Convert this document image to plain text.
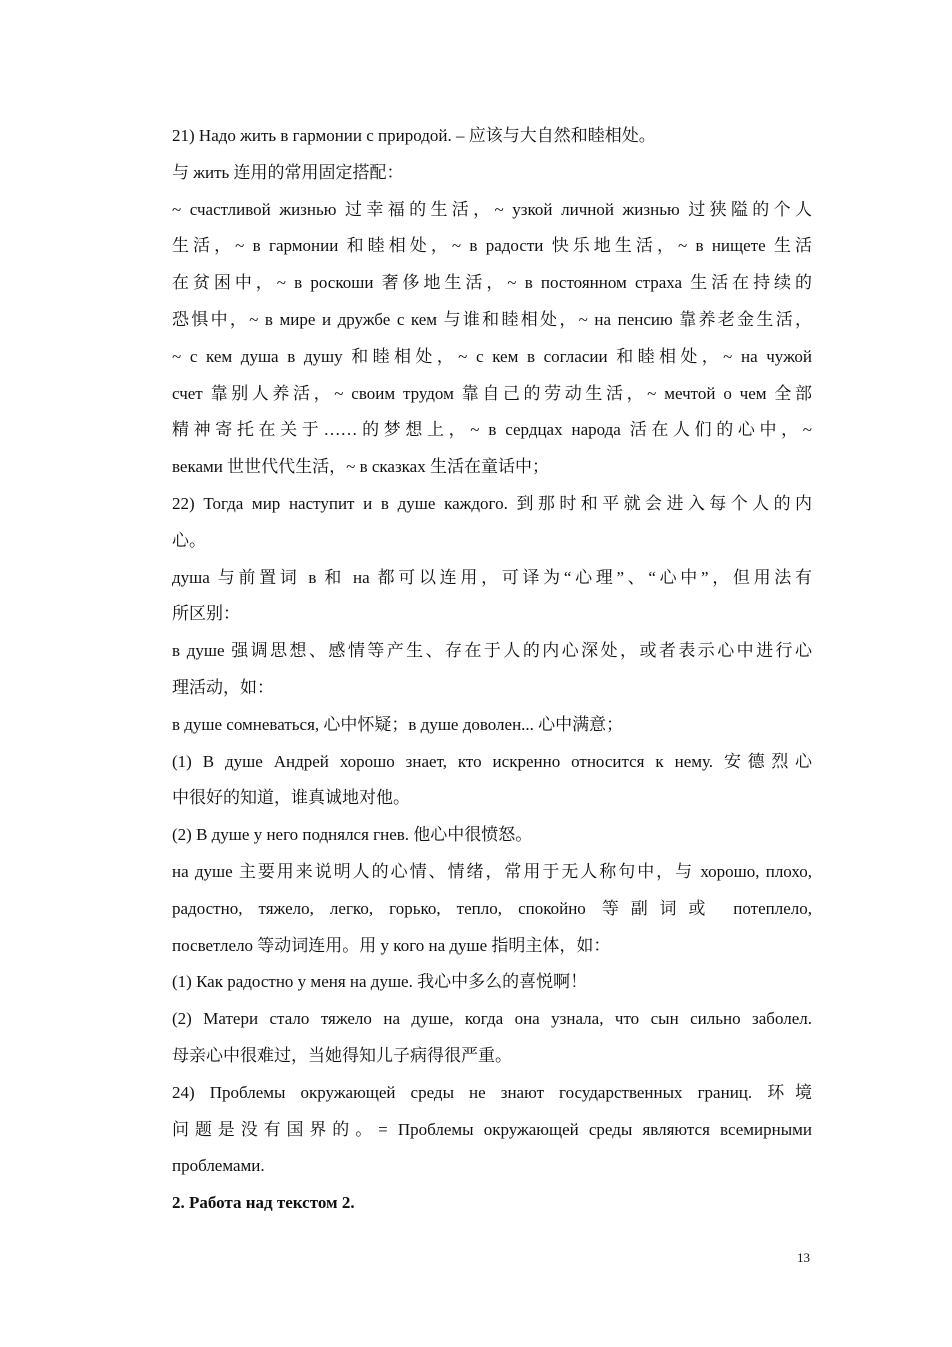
21) Надо жить в гармонии с природой. – 应该与大自然和睦相处。
与 жить 连用的常用固定搭配：
~ счастливой жизнью 过幸福的生活，~ узкой личной жизнью 过狭隘的个人
生活，~ в гармонии 和睦相处，~ в радости 快乐地生活，~ в нищете 生活
在贫困中，~ в роскоши 奢侈地生活，~ в постоянном страха 生活在持续的
恐惧中，~ в мире и дружбе с кем 与谁和睦相处，~ на пенсию 靠养老金生活，
~ с кем душа в душу 和睦相处，~ с кем в согласии 和睦相处，~ на чужой
счет 靠别人养活，~ своим трудом 靠自己的劳动生活，~ мечтой о чем 全部
精神寄托在关于……的梦想上，~ в сердцах народа 活在人们的心中，~
веками 世世代代生活，~ в сказках 生活在童话中；
22) Тогда мир наступит и в душе каждого. 到那时和平就会进入每个人的内
心。
душа 与前置词 в 和 на 都可以连用，可译为“心理”、“心中”，但用法有
所区别：
в душе 强调思想、感情等产生、存在于人的内心深处，或者表示心中进行心
理活动，如：
в душе сомневаться, 心中怀疑；в душе доволен... 心中满意；
(1) В душе Андрей хорошо знает, кто искренно относится к нему. 安德烈心
中很好的知道，谁真诚地对他。
(2) В душе у него поднялся гнев. 他心中很愤怒。
на душе 主要用来说明人的心情、情绪，常用于无人称句中，与 хорошо, плохо,
радостно, тяжело, легко, горько, тепло, спокойно 等副词或 потеплело,
посветлело 等动词连用。用 у кого на душе 指明主体，如：
(1) Как радостно у меня на душе. 我心中多么的喜悦啊！
(2) Матери стало тяжело на душе, когда она узнала, что сын сильно заболел.
母亲心中很难过，当她得知儿子病得很严重。
24) Проблемы окружающей среды не знают государственных границ. 环境
问题是没有国界的。= Проблемы окружающей среды являются всемирными
проблемами.
2. Работа над текстом 2.
13
